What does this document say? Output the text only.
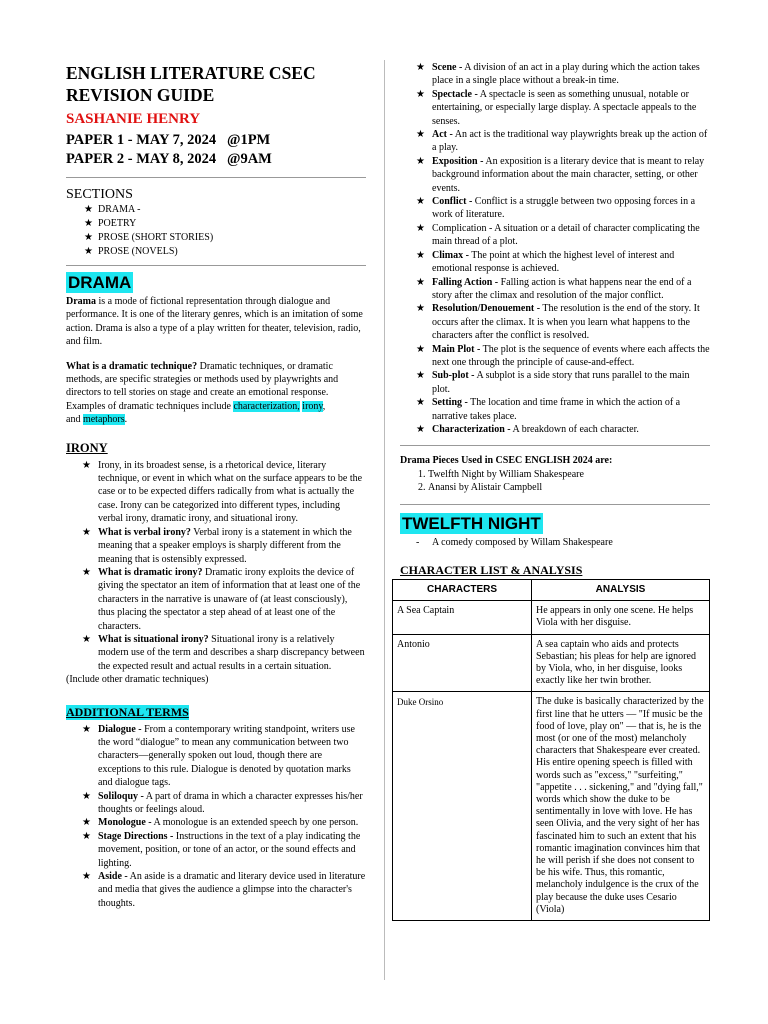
ENGLISH LITERATURE CSEC
REVISION GUIDE
SASHANIE HENRY
PAPER 1 - MAY 7, 2024   @1PM
PAPER 2 - MAY 8, 2024   @9AM
SECTIONS
★ DRAMA -
★ POETRY
★ PROSE (SHORT STORIES)
★ PROSE (NOVELS)
DRAMA

Drama is a mode of fictional representation through dialogue and performance. It is one of the literary genres, which is an imitation of some action. Drama is also a type of a play written for theater, television, radio, and film.

What is a dramatic technique? Dramatic techniques, or dramatic methods, are specific strategies or methods used by playwrights and directors to tell stories on stage and create an emotional response. Examples of dramatic techniques include characterization, irony,
and metaphors.

IRONY
★ Irony, in its broadest sense, is a rhetorical device, literary technique, or event in which what on the surface appears to be the case or to be expected differs radically from what is actually the case. Irony can be categorized into different types, including verbal irony, dramatic irony, and situational irony.
★ What is verbal irony? Verbal irony is a statement in which the meaning that a speaker employs is sharply different from the meaning that is ostensibly expressed.
★ What is dramatic irony? Dramatic irony exploits the device of giving the spectator an item of information that at least one of the characters in the narrative is unaware of (at least consciously), thus placing the spectator a step ahead of at least one of the characters.
★ What is situational irony? Situational irony is a relatively modern use of the term and describes a sharp discrepancy between the expected result and actual results in a certain situation.

(Include other dramatic techniques)

ADDITIONAL TERMS
★ Dialogue - From a contemporary writing standpoint, writers use the word “dialogue” to mean any communication between two characters—generally spoken out loud, though there are exceptions to this rule. Dialogue is denoted by quotation marks and dialogue tags.
★ Soliloquy - A part of drama in which a character expresses his/her thoughts or feelings aloud.
★ Monologue - A monologue is an extended speech by one person.
★ Stage Directions - Instructions in the text of a play indicating the movement, position, or tone of an actor, or the sound effects and lighting.
★ Aside - An aside is a dramatic and literary device used in literature and media that gives the audience a glimpse into the character's thoughts.
★ Scene - A division of an act in a play during which the action takes place in a single place without a break-in time.
★ Spectacle - A spectacle is seen as something unusual, notable or entertaining, or especially large display. A spectacle appeals to the senses.
★ Act - An act is the traditional way playwrights break up the action of a play.
★ Exposition - An exposition is a literary device that is meant to relay background information about the main character, setting, or other events.
★ Conflict - Conflict is a struggle between two opposing forces in a work of literature.
★ Complication - A situation or a detail of character complicating the main thread of a plot.
★ Climax - The point at which the highest level of interest and emotional response is achieved.
★ Falling Action - Falling action is what happens near the end of a story after the climax and resolution of the major conflict.
★ Resolution/Denouement - The resolution is the end of the story. It occurs after the climax. It is when you learn what happens to the characters after the conflict is resolved.
★ Main Plot - The plot is the sequence of events where each affects the next one through the principle of cause-and-effect.
★ Sub-plot - A subplot is a side story that runs parallel to the main plot.
★ Setting - The location and time frame in which the action of a narrative takes place.
★ Characterization - A breakdown of each character.

Drama Pieces Used in CSEC ENGLISH 2024 are:

1. Twelfth Night by William Shakespeare
2. Anansi by Alistair Campbell
TWELFTH NIGHT

- A comedy composed by Willam Shakespeare

CHARACTER LIST & ANALYSIS
CHARACTERS	ANALYSIS
A Sea Captain	He appears in only one scene. He helps Viola with her disguise.
Antonio	A sea captain who aids and protects Sebastian; his pleas for help are ignored by Viola, who, in her disguise, looks exactly like her twin brother.
Duke Orsino	The duke is basically characterized by the first line that he utters — "If music be the food of love, play on" — that is, he is the most (or one of the most) melancholy characters that Shakespeare ever created. His entire opening speech is filled with words such as "excess," "surfeiting," "appetite . . . sickening," and "dying fall," words which show the duke to be sentimentally in love with love. He has seen Olivia, and the very sight of her has fascinated him to such an extent that his romantic imagination convinces him that he will perish if she does not consent to be his wife. Thus, this romantic, melancholy indulgence is the crux of the play because the duke uses Cesario (Viola)
